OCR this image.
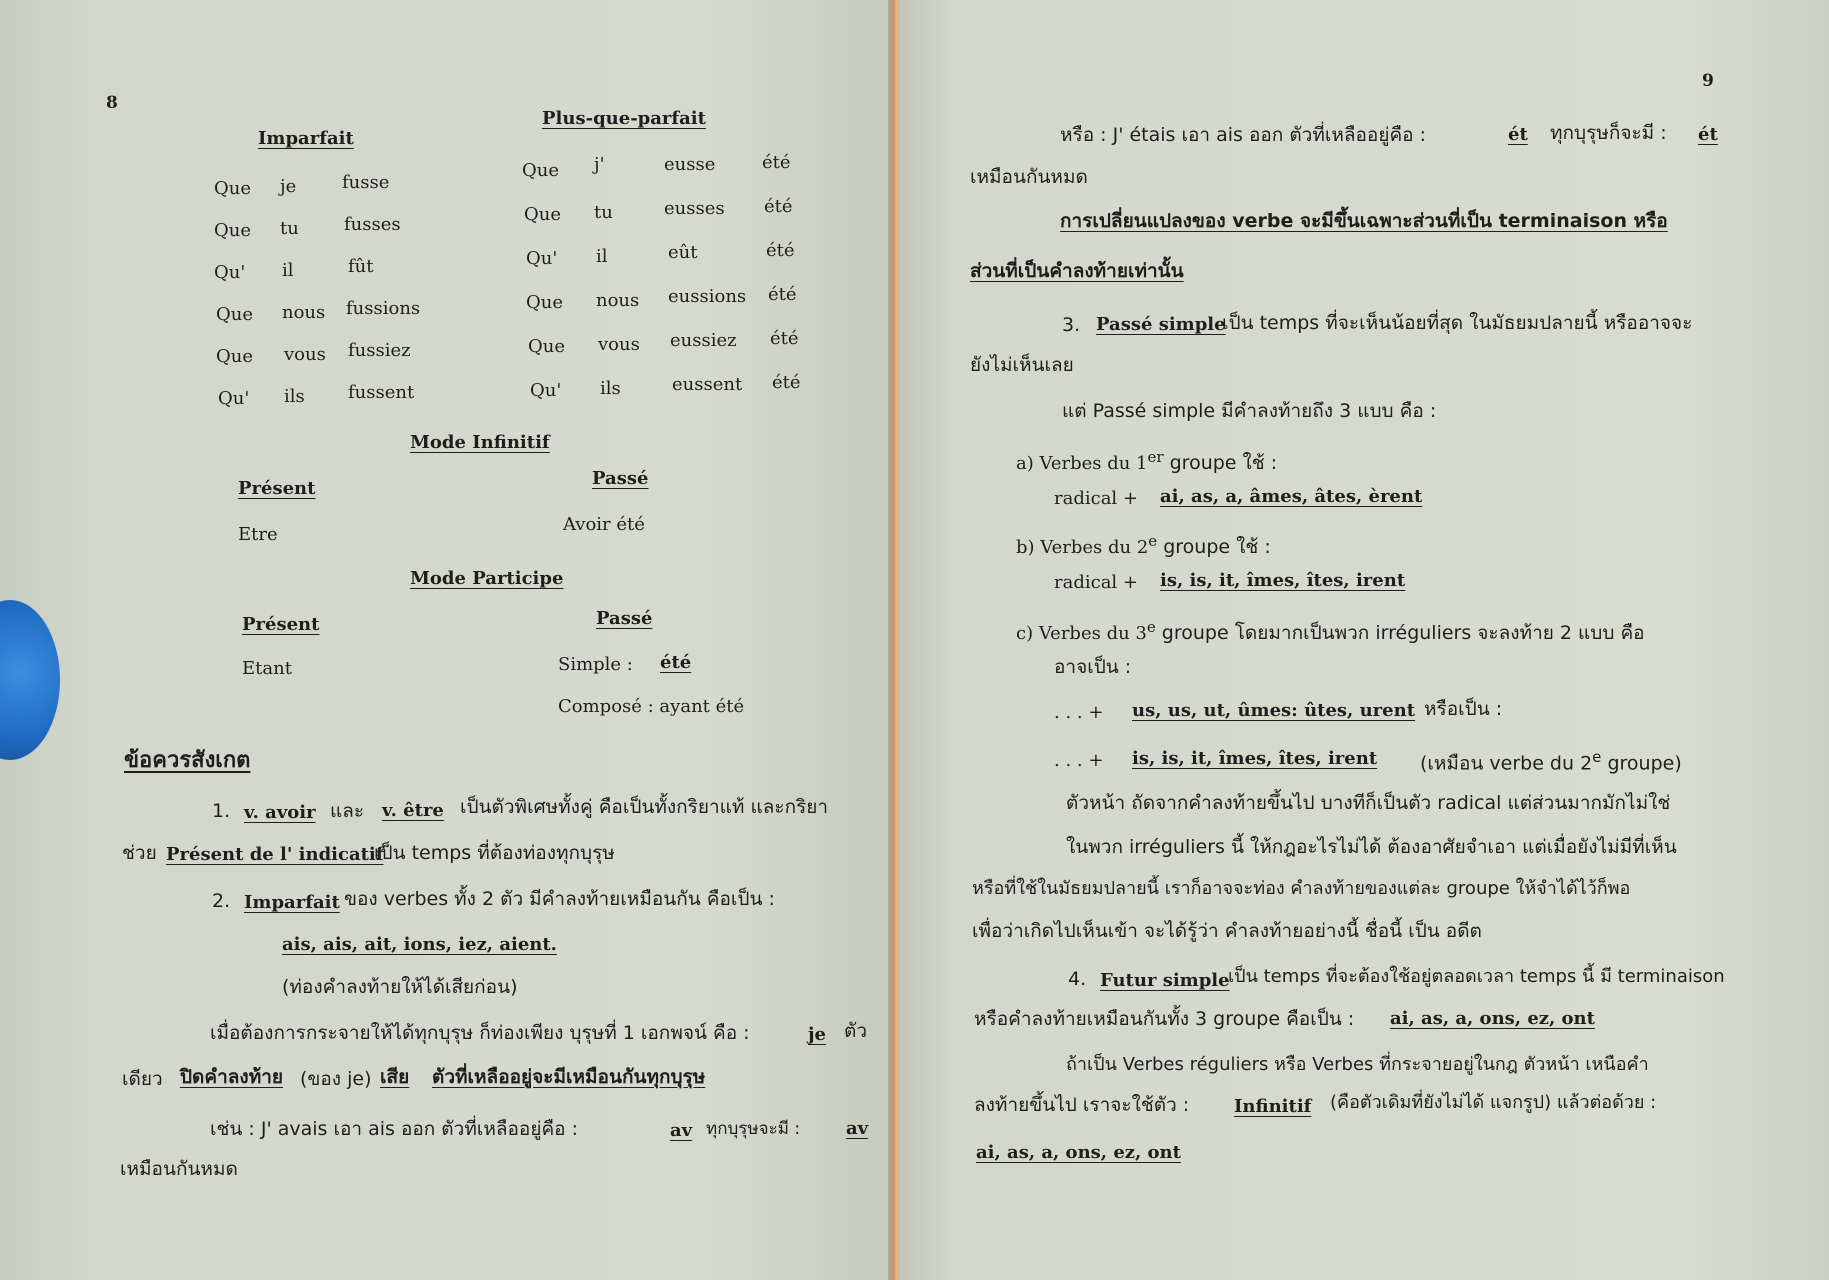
8
Imparfait
Que je	fusse
Que tu	fusses
Qu' il	fût
Que nous fussions
Que vous fussiez
Qu' ils fussent
Plus-que-parfait
Que j'	eusse	été
Que tu	eusses été
Qu' il	eût	été
Que nous eussions été
Que vous eussiez été
Qu' ils	eussent été
Mode Infinitif
Présent	Passé
Etre	Avoir été
Mode Participe
Présent	Passé
Etant	Simple : été
Composé : ayant été
ข้อควรสังเกต
1. v. avoir และ v. être เป็นตัวพิเศษทั้งคู่ คือเป็นทั้งกริยาแท้ และกริยา
ช่วย Présent de l' indicatif
เป็น temps ที่ต้องท่องทุกบุรุษ
2. Imparfait ของ verbes ทั้ง 2 ตัว มีคำลงท้ายเหมือนกัน คือเป็น :
ais, ais, ait, ions, iez, aient.
(ท่องคำลงท้ายให้ได้เสียก่อน)
เมื่อต้องการกระจายให้ได้ทุกบุรุษ ก็ท่องเพียง บุรุษที่ 1 เอกพจน์ คือ :	je ตัว
เดียว ปิดคำลงท้าย (ของ je) เสีย ตัวที่เหลืออยู่จะมีเหมือนกันทุกบุรุษ
เช่น : J' avais เอา ais ออก ตัวที่เหลืออยู่คือ :	av ทุกบุรุษจะมี :	av
เหมือนกันหมด
9
หรือ : J' étais เอา ais ออก ตัวที่เหลืออยู่คือ :	ét ทุกบุรุษก็จะมี : ét
เหมือนกันหมด
การเปลี่ยนแปลงของ verbe จะมีขึ้นเฉพาะส่วนที่เป็น terminaison หรือ
ส่วนที่เป็นคำลงท้ายเท่านั้น
3. Passé simple
เป็น temps ที่จะเห็นน้อยที่สุด ในมัธยมปลายนี้ หรืออาจจะ
ยังไม่เห็นเลย
แต่ Passé simple มีคำลงท้ายถึง 3 แบบ คือ :
a) Verbes du 1er groupe ใช้ :
radical + ai, as, a, âmes, âtes, èrent
b) Verbes du 2e groupe ใช้ :
radical + is, is, it, îmes, îtes, irent
c) Verbes du 3e groupe โดยมากเป็นพวก irréguliers จะลงท้าย 2 แบบ คือ
อาจเป็น :
. . . + us, us, ut, ûmes: ûtes, urent หรือเป็น :
. . . + is, is, it, îmes, îtes, irent (เหมือน verbe du 2e groupe)
ตัวหน้า ถัดจากคำลงท้ายขึ้นไป บางทีก็เป็นตัว radical แต่ส่วนมากมักไม่ใช่
ในพวก irréguliers นี้ ให้กฎอะไรไม่ได้ ต้องอาศัยจำเอา แต่เมื่อยังไม่มีที่เห็น
หรือที่ใช้ในมัธยมปลายนี้ เราก็อาจจะท่อง คำลงท้ายของแต่ละ groupe ให้จำได้ไว้ก็พอ
เพื่อว่าเกิดไปเห็นเข้า จะได้รู้ว่า คำลงท้ายอย่างนี้ ชื่อนี้ เป็น อดีต
4. Futur simple
เป็น temps ที่จะต้องใช้อยู่ตลอดเวลา temps นี้ มี terminaison
หรือคำลงท้ายเหมือนกันทั้ง 3 groupe คือเป็น : ai, as, a, ons, ez, ont
ถ้าเป็น Verbes réguliers หรือ Verbes ที่กระจายอยู่ในกฎ ตัวหน้า เหนือคำ
ลงท้ายขึ้นไป เราจะใช้ตัว : Infinitif (คือตัวเดิมที่ยังไม่ได้ แจกรูป) แล้วต่อด้วย :
ai, as, a, ons, ez, ont
